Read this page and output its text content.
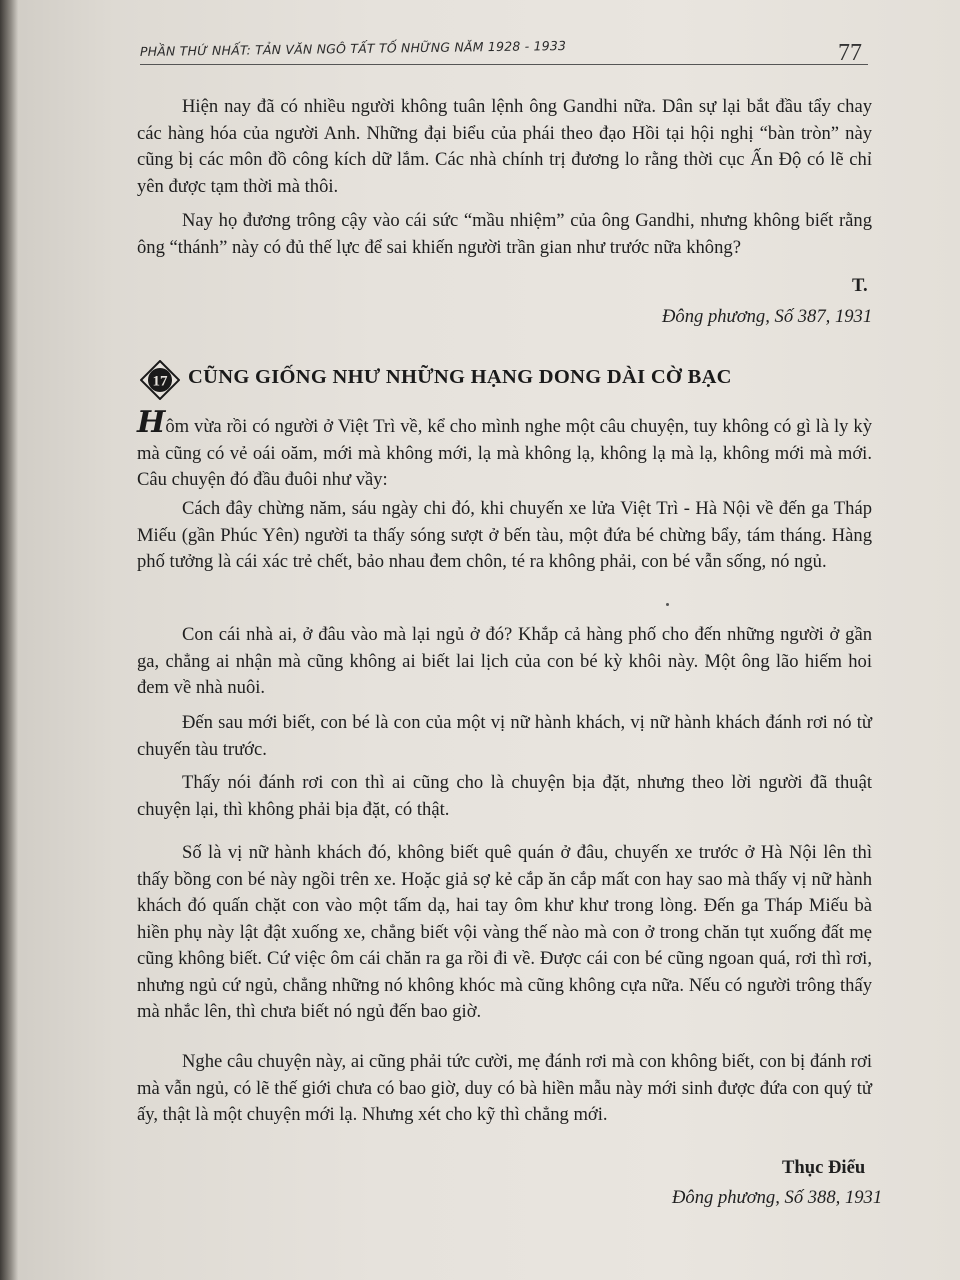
PHẦN THỨ NHẤT: TẢN VĂN NGÔ TẤT TỐ NHỮNG NĂM 1928 - 1933	77

Hiện nay đã có nhiều người không tuân lệnh ông Gandhi nữa. Dân sự lại bắt đầu tẩy chay các hàng hóa của người Anh. Những đại biểu của phái theo đạo Hồi tại hội nghị “bàn tròn” này cũng bị các môn đồ công kích dữ lắm. Các nhà chính trị đương lo rằng thời cục Ấn Độ có lẽ chỉ yên được tạm thời mà thôi.

Nay họ đương trông cậy vào cái sức “mầu nhiệm” của ông Gandhi, nhưng không biết rằng ông “thánh” này có đủ thế lực để sai khiến người trần gian như trước nữa không?

T.
Đông phương, Số 387, 1931
17 CŨNG GIỐNG NHƯ NHỮNG HẠNG DONG DÀI CỜ BẠC

Hôm vừa rồi có người ở Việt Trì về, kể cho mình nghe một câu chuyện, tuy không có gì là ly kỳ mà cũng có vẻ oái oăm, mới mà không mới, lạ mà không lạ, không lạ mà lạ, không mới mà mới. Câu chuyện đó đầu đuôi như vầy:

Cách đây chừng năm, sáu ngày chi đó, khi chuyến xe lửa Việt Trì - Hà Nội về đến ga Tháp Miếu (gần Phúc Yên) người ta thấy sóng sượt ở bến tàu, một đứa bé chừng bẩy, tám tháng. Hàng phố tưởng là cái xác trẻ chết, bảo nhau đem chôn, té ra không phải, con bé vẫn sống, nó ngủ.

Con cái nhà ai, ở đâu vào mà lại ngủ ở đó? Khắp cả hàng phố cho đến những người ở gần ga, chẳng ai nhận mà cũng không ai biết lai lịch của con bé kỳ khôi này. Một ông lão hiếm hoi đem về nhà nuôi.

Đến sau mới biết, con bé là con của một vị nữ hành khách, vị nữ hành khách đánh rơi nó từ chuyến tàu trước.

Thấy nói đánh rơi con thì ai cũng cho là chuyện bịa đặt, nhưng theo lời người đã thuật chuyện lại, thì không phải bịa đặt, có thật.

Số là vị nữ hành khách đó, không biết quê quán ở đâu, chuyến xe trước ở Hà Nội lên thì thấy bồng con bé này ngồi trên xe. Hoặc giả sợ kẻ cắp ăn cắp mất con hay sao mà thấy vị nữ hành khách đó quấn chặt con vào một tấm dạ, hai tay ôm khư khư trong lòng. Đến ga Tháp Miếu bà hiền phụ này lật đật xuống xe, chẳng biết vội vàng thế nào mà con ở trong chăn tụt xuống đất mẹ cũng không biết. Cứ việc ôm cái chăn ra ga rồi đi về. Được cái con bé cũng ngoan quá, rơi thì rơi, nhưng ngủ cứ ngủ, chẳng những nó không khóc mà cũng không cựa nữa. Nếu có người trông thấy mà nhắc lên, thì chưa biết nó ngủ đến bao giờ.

Nghe câu chuyện này, ai cũng phải tức cười, mẹ đánh rơi mà con không biết, con bị đánh rơi mà vẫn ngủ, có lẽ thế giới chưa có bao giờ, duy có bà hiền mẫu này mới sinh được đứa con quý tử ấy, thật là một chuyện mới lạ. Nhưng xét cho kỹ thì chẳng mới.

Thục Điểu
Đông phương, Số 388, 1931
